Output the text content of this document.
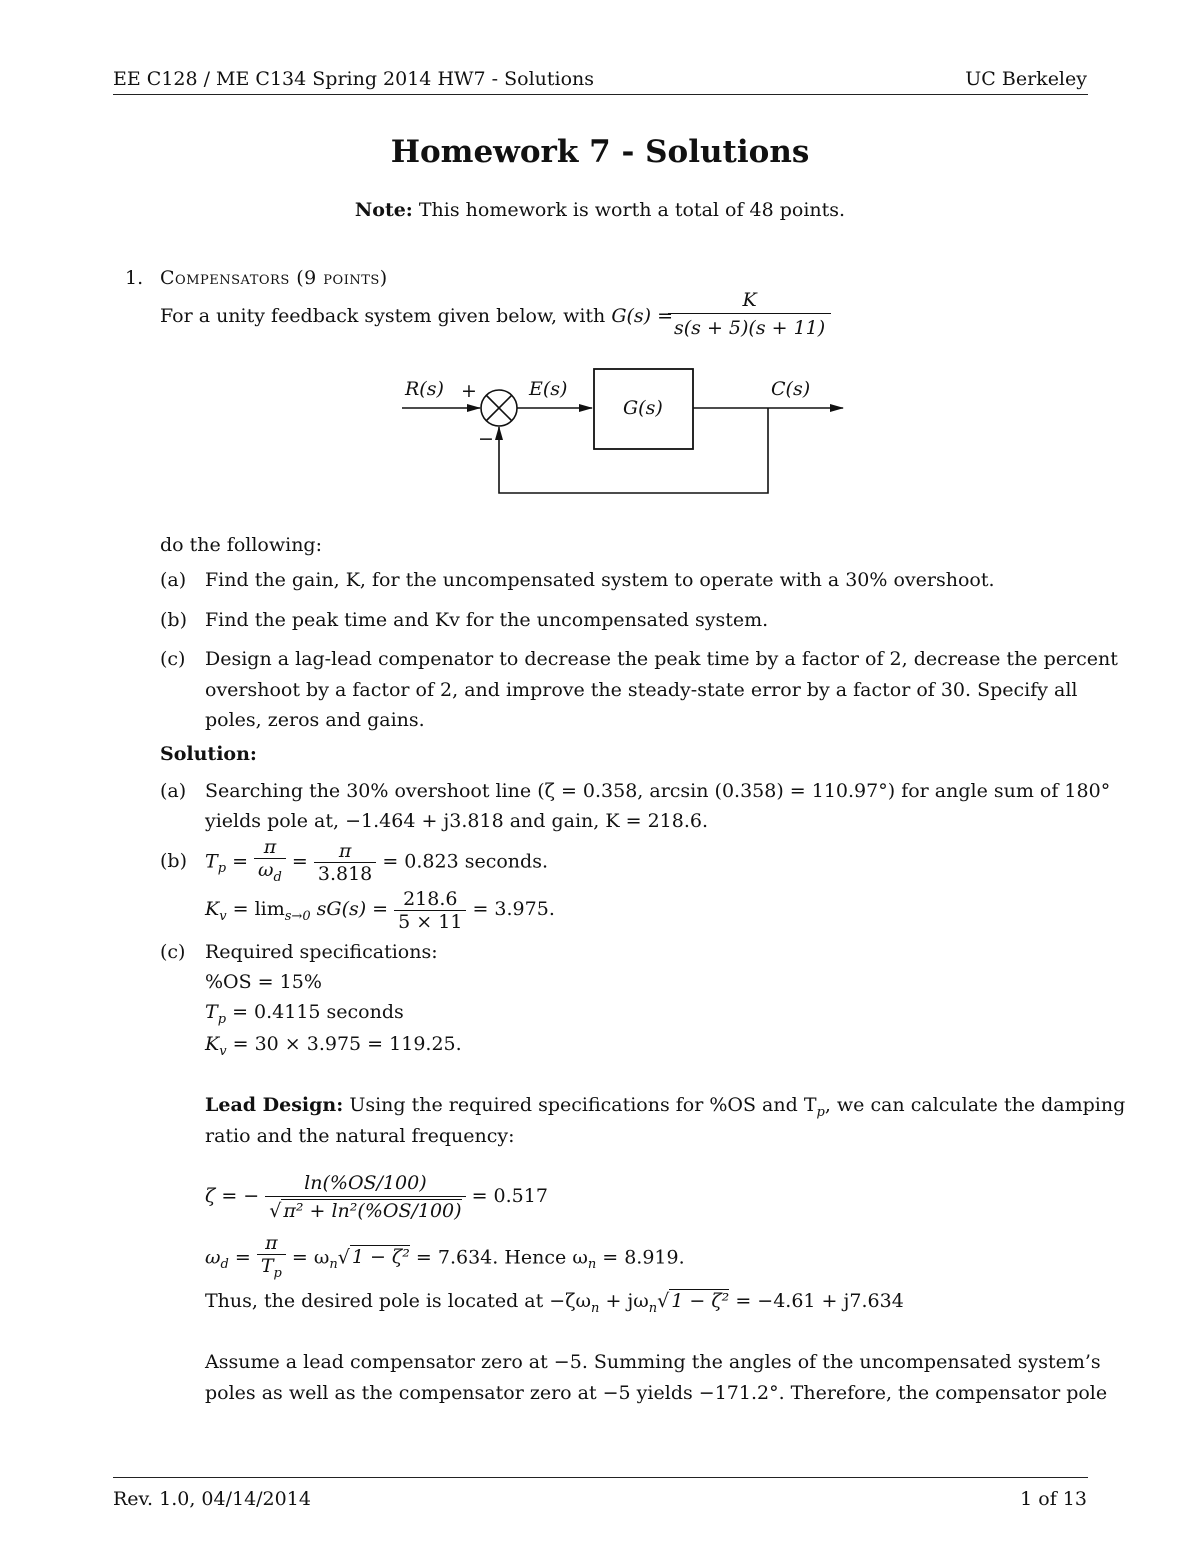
EE C128 / ME C134 Spring 2014 HW7 - Solutions	UC Berkeley
Homework 7 - Solutions
Note: This homework is worth a total of 48 points.
1. Compensators (9 points)
For a unity feedback system given below, with G(s) =
$\frac{K}{s(s + 5)(s + 11)}$
R(s) +
−
E(s)
G(s)
C(s)
do the following:
(a) Find the gain, K, for the uncompensated system to operate with a 30% overshoot.
(b) Find the peak time and Kv for the uncompensated system.
(c) Design a lag-lead compenator to decrease the peak time by a factor of 2, decrease the percent
overshoot by a factor of 2, and improve the steady-state error by a factor of 30. Specify all
poles, zeros and gains.
Solution:
(a) Searching the 30% overshoot line (ζ = 0.358, arcsin (0.358) = 110.97°) for angle sum of 180°
yields pole at, −1.464 + j3.818 and gain, K = 218.6.
(b) $T_p = \frac{\pi}{\omega_d} = \frac{\pi}{3.818} = 0.823$ seconds.
$K_v = \lim_{s\to 0} sG(s) = \frac{218.6}{5 \times 11} = 3.975$.
(c) Required specifications:
%OS = 15%
$T_p = 0.4115$ seconds
$K_v = 30 \times 3.975 = 119.25$.
Lead Design: Using the required specifications for %OS and $T_p$, we can calculate the damping
ratio and the natural frequency:
ζ = − $\frac{\ln(\%OS/100)}{\text{√ π² + ln²(\%OS/100)}} = 0.517$
$\omega_d = \frac{\pi}{T_p} = \omega_n√$ 1 − ζ² = 7.634. Hence $\omega_n = 8.919$.
Thus, the desired pole is located at $-\zeta\omega_n + j\omega_n√$ 1 − ζ² = −4.61 + j7.634
Assume a lead compensator zero at −5. Summing the angles of the uncompensated system’s
poles as well as the compensator zero at −5 yields −171.2°. Therefore, the compensator pole
Rev. 1.0, 04/14/2014	1 of 13
